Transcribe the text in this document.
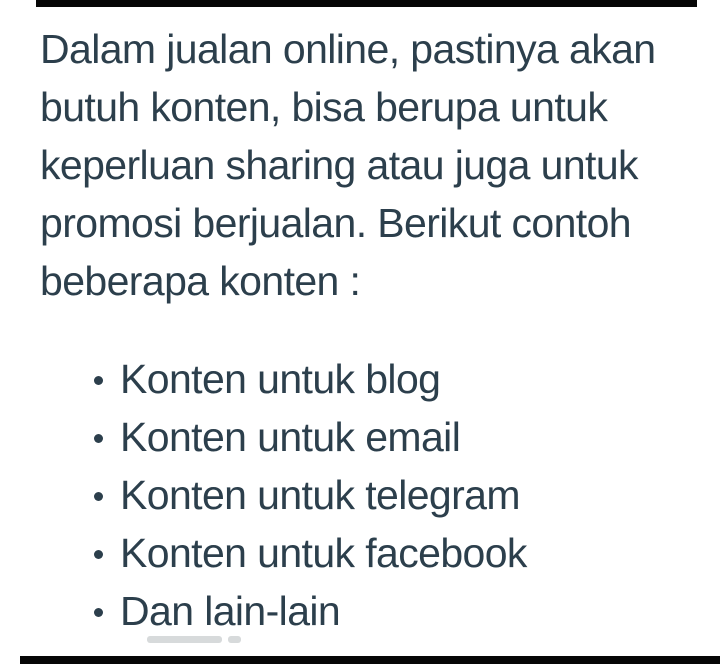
Dalam jualan online, pastinya akan
butuh konten, bisa berupa untuk
keperluan sharing atau juga untuk
promosi berjualan. Berikut contoh
beberapa konten :
Konten untuk blog
Konten untuk email
Konten untuk telegram
Konten untuk facebook
Dan lain-lain
